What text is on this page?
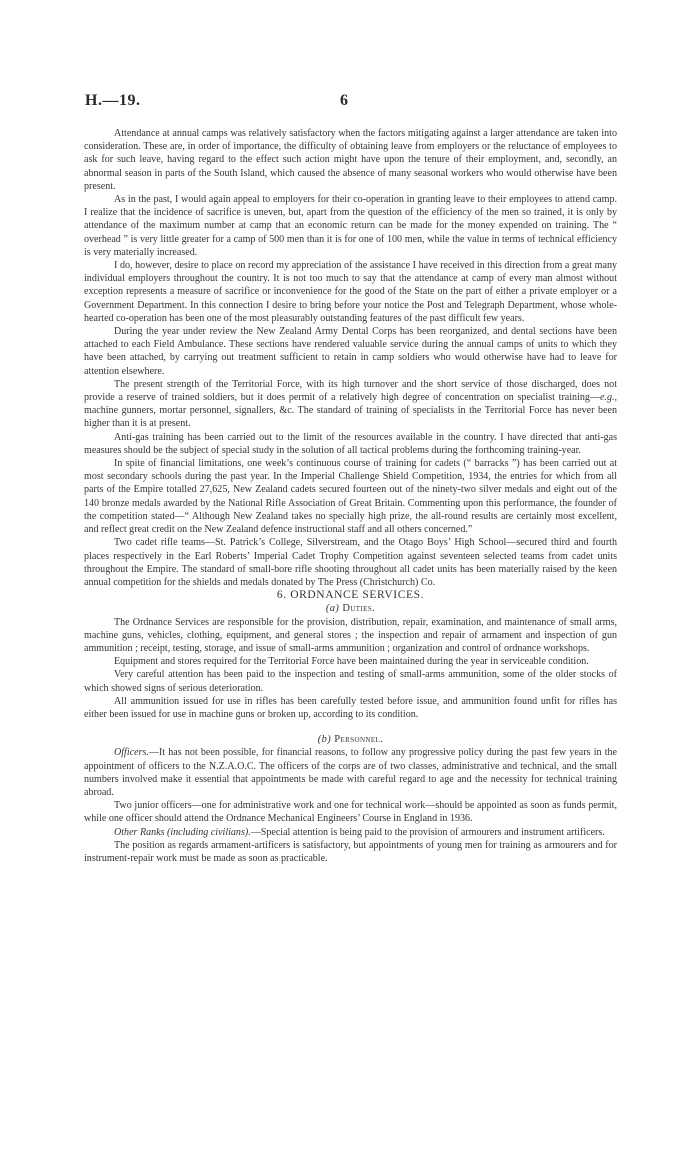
H.—19.	6

Attendance at annual camps was relatively satisfactory when the factors mitigating against a larger attendance are taken into consideration. These are, in order of importance, the difficulty of obtaining leave from employers or the reluctance of employees to ask for such leave, having regard to the effect such action might have upon the tenure of their employment, and, secondly, an abnormal season in parts of the South Island, which caused the absence of many seasonal workers who would otherwise have been present.

As in the past, I would again appeal to employers for their co-operation in granting leave to their employees to attend camp. I realize that the incidence of sacrifice is uneven, but, apart from the question of the efficiency of the men so trained, it is only by attendance of the maximum number at camp that an economic return can be made for the money expended on training. The “ overhead ” is very little greater for a camp of 500 men than it is for one of 100 men, while the value in terms of technical efficiency is very materially increased.

I do, however, desire to place on record my appreciation of the assistance I have received in this direction from a great many individual employers throughout the country. It is not too much to say that the attendance at camp of every man almost without exception represents a measure of sacrifice or inconvenience for the good of the State on the part of either a private employer or a Government Department. In this connection I desire to bring before your notice the Post and Telegraph Department, whose whole-hearted co-operation has been one of the most pleasurably outstanding features of the past difficult few years.

During the year under review the New Zealand Army Dental Corps has been reorganized, and dental sections have been attached to each Field Ambulance. These sections have rendered valuable service during the annual camps of units to which they have been attached, by carrying out treatment sufficient to retain in camp soldiers who would otherwise have had to leave for attention elsewhere.

The present strength of the Territorial Force, with its high turnover and the short service of those discharged, does not provide a reserve of trained soldiers, but it does permit of a relatively high degree of concentration on specialist training—e.g., machine gunners, mortar personnel, signallers, &c. The standard of training of specialists in the Territorial Force has never been higher than it is at present.

Anti-gas training has been carried out to the limit of the resources available in the country. I have directed that anti-gas measures should be the subject of special study in the solution of all tactical problems during the forthcoming training-year.

In spite of financial limitations, one week’s continuous course of training for cadets (“ barracks ”) has been carried out at most secondary schools during the past year. In the Imperial Challenge Shield Competition, 1934, the entries for which from all parts of the Empire totalled 27,625, New Zealand cadets secured fourteen out of the ninety-two silver medals and eight out of the 140 bronze medals awarded by the National Rifle Association of Great Britain. Commenting upon this performance, the founder of the competition stated—“ Although New Zealand takes no specially high prize, the all-round results are certainly most excellent, and reflect great credit on the New Zealand defence instructional staff and all others concerned.”

Two cadet rifle teams—St. Patrick’s College, Silverstream, and the Otago Boys’ High School—secured third and fourth places respectively in the Earl Roberts’ Imperial Cadet Trophy Competition against seventeen selected teams from cadet units throughout the Empire. The standard of small-bore rifle shooting throughout all cadet units has been materially raised by the keen annual competition for the shields and medals donated by The Press (Christchurch) Co.

6. ORDNANCE SERVICES.

(a) Duties.

The Ordnance Services are responsible for the provision, distribution, repair, examination, and maintenance of small arms, machine guns, vehicles, clothing, equipment, and general stores ; the inspection and repair of armament and inspection of gun ammunition ; receipt, testing, storage, and issue of small-arms ammunition ; organization and control of ordnance workshops.

Equipment and stores required for the Territorial Force have been maintained during the year in serviceable condition.

Very careful attention has been paid to the inspection and testing of small-arms ammunition, some of the older stocks of which showed signs of serious deterioration.

All ammunition issued for use in rifles has been carefully tested before issue, and ammunition found unfit for rifles has either been issued for use in machine guns or broken up, according to its condition.

(b) Personnel.

Officers.—It has not been possible, for financial reasons, to follow any progressive policy during the past few years in the appointment of officers to the N.Z.A.O.C. The officers of the corps are of two classes, administrative and technical, and the small numbers involved make it essential that appointments be made with careful regard to age and the necessity for technical training abroad.

Two junior officers—one for administrative work and one for technical work—should be appointed as soon as funds permit, while one officer should attend the Ordnance Mechanical Engineers’ Course in England in 1936.

Other Ranks (including civilians).—Special attention is being paid to the provision of armourers and instrument artificers.

The position as regards armament-artificers is satisfactory, but appointments of young men for training as armourers and for instrument-repair work must be made as soon as practicable.
